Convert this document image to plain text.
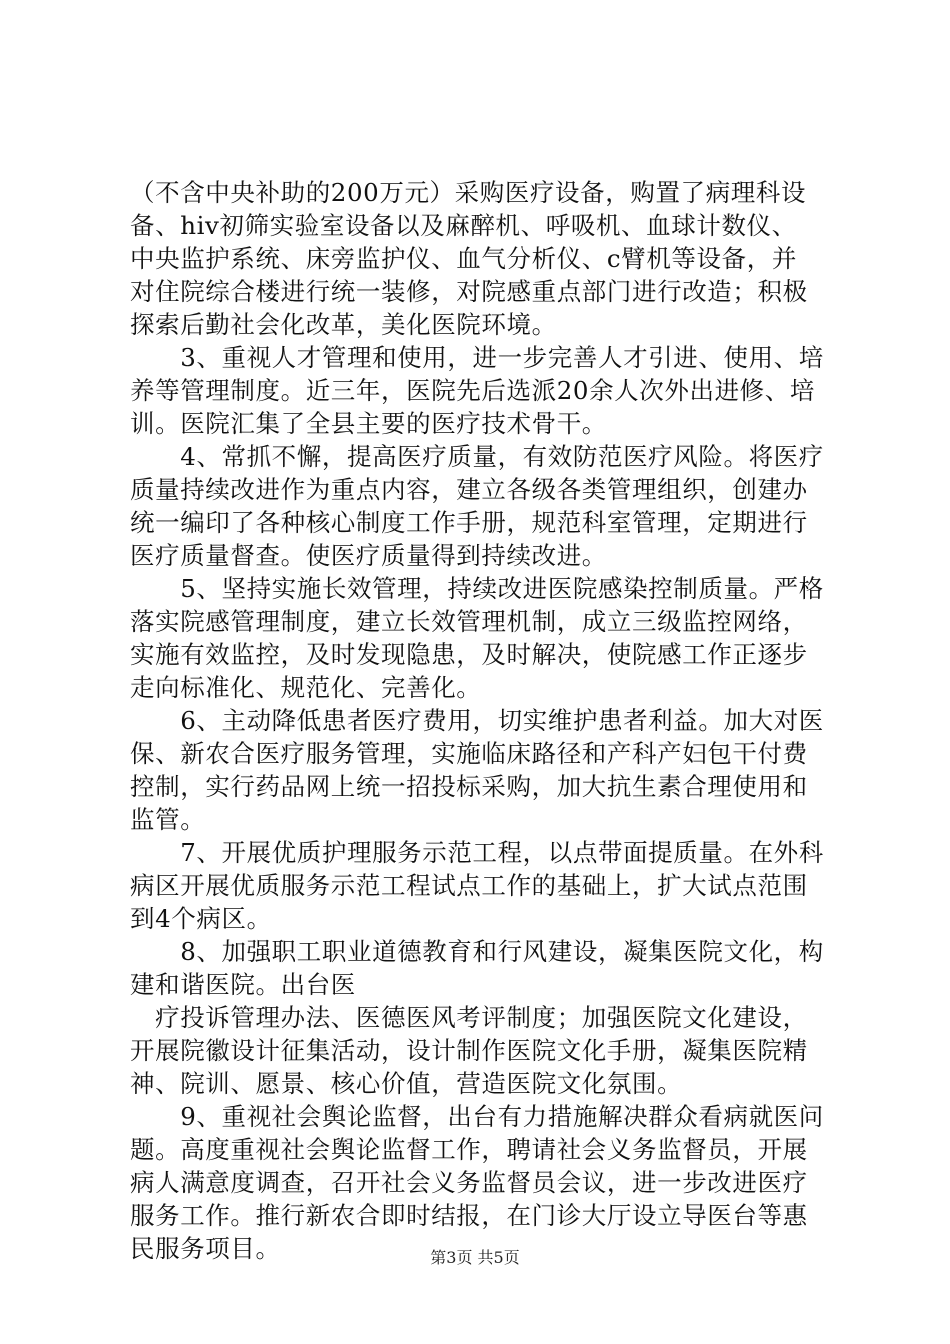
（不含中央补助的200万元）采购医疗设备，购置了病理科设
备、hiv初筛实验室设备以及麻醉机、呼吸机、血球计数仪、
中央监护系统、床旁监护仪、血气分析仪、c臂机等设备，并
对住院综合楼进行统一装修，对院感重点部门进行改造；积极
探索后勤社会化改革，美化医院环境。
　　3、重视人才管理和使用，进一步完善人才引进、使用、培
养等管理制度。近三年，医院先后选派20余人次外出进修、培
训。医院汇集了全县主要的医疗技术骨干。
　　4、常抓不懈，提高医疗质量，有效防范医疗风险。将医疗
质量持续改进作为重点内容，建立各级各类管理组织，创建办
统一编印了各种核心制度工作手册，规范科室管理，定期进行
医疗质量督查。使医疗质量得到持续改进。
　　5、坚持实施长效管理，持续改进医院感染控制质量。严格
落实院感管理制度，建立长效管理机制，成立三级监控网络，
实施有效监控，及时发现隐患，及时解决，使院感工作正逐步
走向标准化、规范化、完善化。
　　6、主动降低患者医疗费用，切实维护患者利益。加大对医
保、新农合医疗服务管理，实施临床路径和产科产妇包干付费
控制，实行药品网上统一招投标采购，加大抗生素合理使用和
监管。
　　7、开展优质护理服务示范工程，以点带面提质量。在外科
病区开展优质服务示范工程试点工作的基础上，扩大试点范围
到4个病区。
　　8、加强职工职业道德教育和行风建设，凝集医院文化，构
建和谐医院。出台医
　疗投诉管理办法、医德医风考评制度；加强医院文化建设，
开展院徽设计征集活动，设计制作医院文化手册，凝集医院精
神、院训、愿景、核心价值，营造医院文化氛围。
　　9、重视社会舆论监督，出台有力措施解决群众看病就医问
题。高度重视社会舆论监督工作，聘请社会义务监督员，开展
病人满意度调查，召开社会义务监督员会议，进一步改进医疗
服务工作。推行新农合即时结报，在门诊大厅设立导医台等惠
第3页 共5页
民服务项目。
